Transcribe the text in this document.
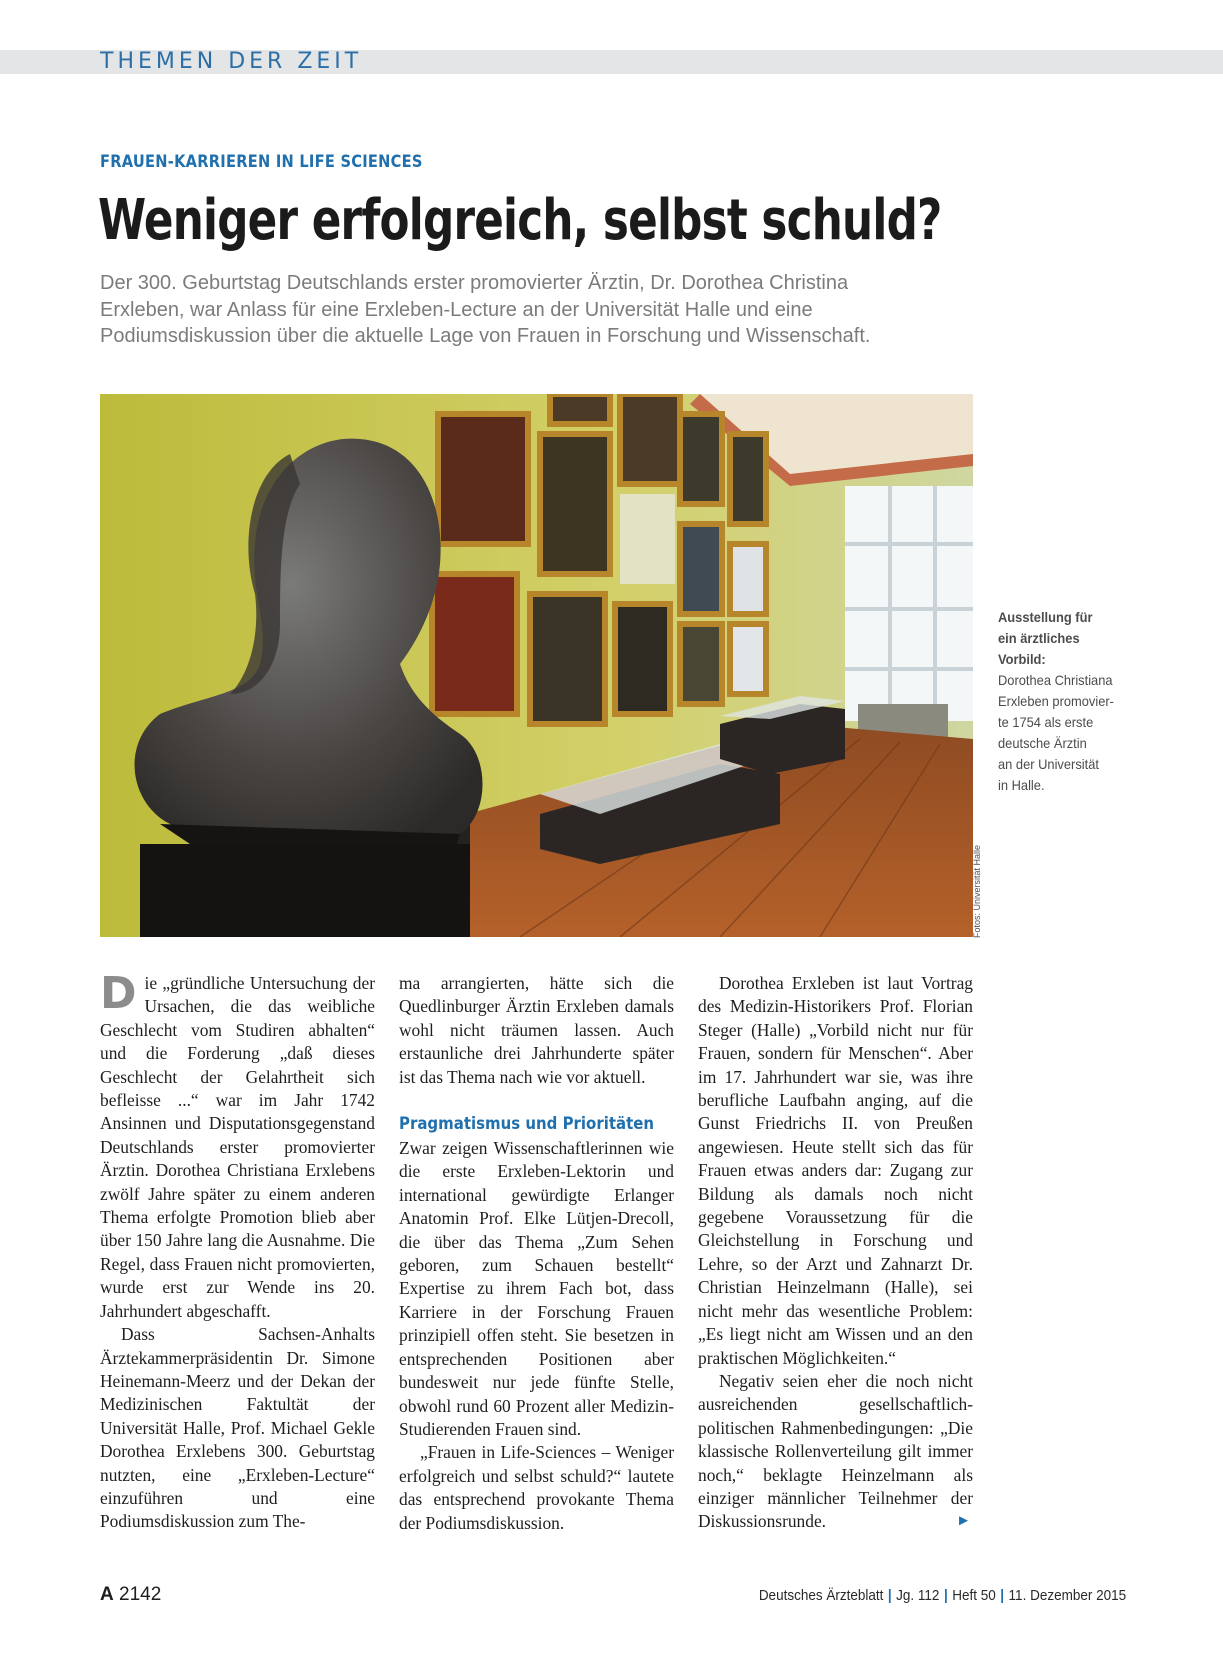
THEMEN DER ZEIT
FRAUEN-KARRIEREN IN LIFE SCIENCES
Weniger erfolgreich, selbst schuld?
Der 300. Geburtstag Deutschlands erster promovierter Ärztin, Dr. Dorothea Christina
Erxleben, war Anlass für eine Erxleben-Lecture an der Universität Halle und eine
Podiumsdiskussion über die aktuelle Lage von Frauen in Forschung und Wissenschaft.
Fotos: Universität Halle
Ausstellung für
ein ärztliches
Vorbild:
Dorothea Christiana
Erxleben promovier-
te 1754 als erste
deutsche Ärztin
an der Universität
in Halle.

Die „gründliche Untersuchung der Ursachen, die das weibliche Geschlecht vom Studiren abhalten“ und die Forderung „daß dieses Geschlecht der Gelahrtheit sich befleisse ...“ war im Jahr 1742 Ansinnen und Disputationsgegenstand Deutschlands erster promovierter Ärztin. Dorothea Christiana Erxlebens zwölf Jahre später zu einem anderen Thema erfolgte Promotion blieb aber über 150 Jahre lang die Ausnahme. Die Regel, dass Frauen nicht promovierten, wurde erst zur Wende ins 20. Jahrhundert abgeschafft.

Dass Sachsen-Anhalts Ärztekammerpräsidentin Dr. Simone Heinemann-Meerz und der Dekan der Medizinischen Faktultät der Universität Halle, Prof. Michael Gekle Dorothea Erxlebens 300. Geburtstag nutzten, eine „Erxleben-Lecture“ einzuführen und eine Podiumsdiskussion zum The-

ma arrangierten, hätte sich die Quedlinburger Ärztin Erxleben damals wohl nicht träumen lassen. Auch erstaunliche drei Jahrhunderte später ist das Thema nach wie vor aktuell.

Pragmatismus und Prioritäten

Zwar zeigen Wissenschaftlerinnen wie die erste Erxleben-Lektorin und international gewürdigte Erlanger Anatomin Prof. Elke Lütjen-Drecoll, die über das Thema „Zum Sehen geboren, zum Schauen bestellt“ Expertise zu ihrem Fach bot, dass Karriere in der Forschung Frauen prinzipiell offen steht. Sie besetzen in entsprechenden Positionen aber bundesweit nur jede fünfte Stelle, obwohl rund 60 Prozent aller Medizin-Studierenden Frauen sind.

„Frauen in Life-Sciences – Weniger erfolgreich und selbst schuld?“ lautete das entsprechend provokante Thema der Podiumsdiskussion.

Dorothea Erxleben ist laut Vortrag des Medizin-Historikers Prof. Florian Steger (Halle) „Vorbild nicht nur für Frauen, sondern für Menschen“. Aber im 17. Jahrhundert war sie, was ihre berufliche Laufbahn anging, auf die Gunst Friedrichs II. von Preußen angewiesen. Heute stellt sich das für Frauen etwas anders dar: Zugang zur Bildung als damals noch nicht gegebene Voraussetzung für die Gleichstellung in Forschung und Lehre, so der Arzt und Zahnarzt Dr. Christian Heinzelmann (Halle), sei nicht mehr das wesentliche Problem: „Es liegt nicht am Wissen und an den praktischen Möglichkeiten.“

Negativ seien eher die noch nicht ausreichenden gesellschaftlich-politischen Rahmenbedingungen: „Die klassische Rollenverteilung gilt immer noch,“ beklagte Heinzelmann als einziger männlicher Teilnehmer der Diskussionsrunde.	►

A 2142	Deutsches Ärzteblatt | Jg. 112 | Heft 50 | 11. Dezember 2015
